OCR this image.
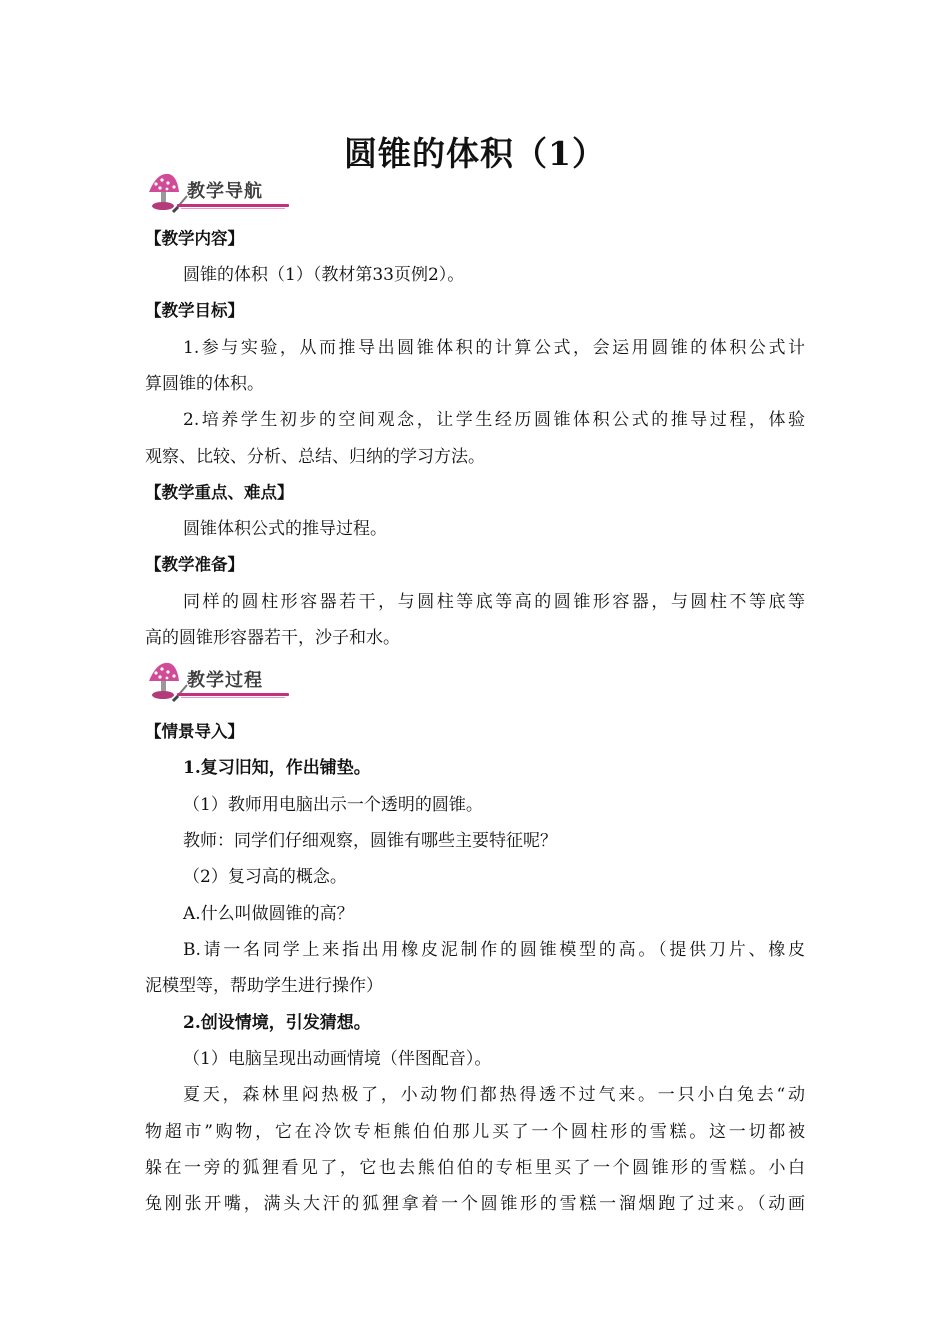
圆锥的体积（1）
教学导航
【教学内容】
圆锥的体积（1）（教材第33页例2）。
【教学目标】
1.参与实验，从而推导出圆锥体积的计算公式，会运用圆锥的体积公式计
算圆锥的体积。
2.培养学生初步的空间观念，让学生经历圆锥体积公式的推导过程，体验
观察、比较、分析、总结、归纳的学习方法。
【教学重点、难点】
圆锥体积公式的推导过程。
【教学准备】
同样的圆柱形容器若干，与圆柱等底等高的圆锥形容器，与圆柱不等底等
高的圆锥形容器若干，沙子和水。
教学过程
【情景导入】
1.复习旧知，作出铺垫。
（1）教师用电脑出示一个透明的圆锥。
教师：同学们仔细观察，圆锥有哪些主要特征呢？
（2）复习高的概念。
A.什么叫做圆锥的高？
B.请一名同学上来指出用橡皮泥制作的圆锥模型的高。（提供刀片、橡皮
泥模型等，帮助学生进行操作）
2.创设情境，引发猜想。
（1）电脑呈现出动画情境（伴图配音）。
夏天，森林里闷热极了，小动物们都热得透不过气来。一只小白兔去“动
物超市”购物，它在冷饮专柜熊伯伯那儿买了一个圆柱形的雪糕。这一切都被
躲在一旁的狐狸看见了，它也去熊伯伯的专柜里买了一个圆锥形的雪糕。小白
兔刚张开嘴，满头大汗的狐狸拿着一个圆锥形的雪糕一溜烟跑了过来。（动画
